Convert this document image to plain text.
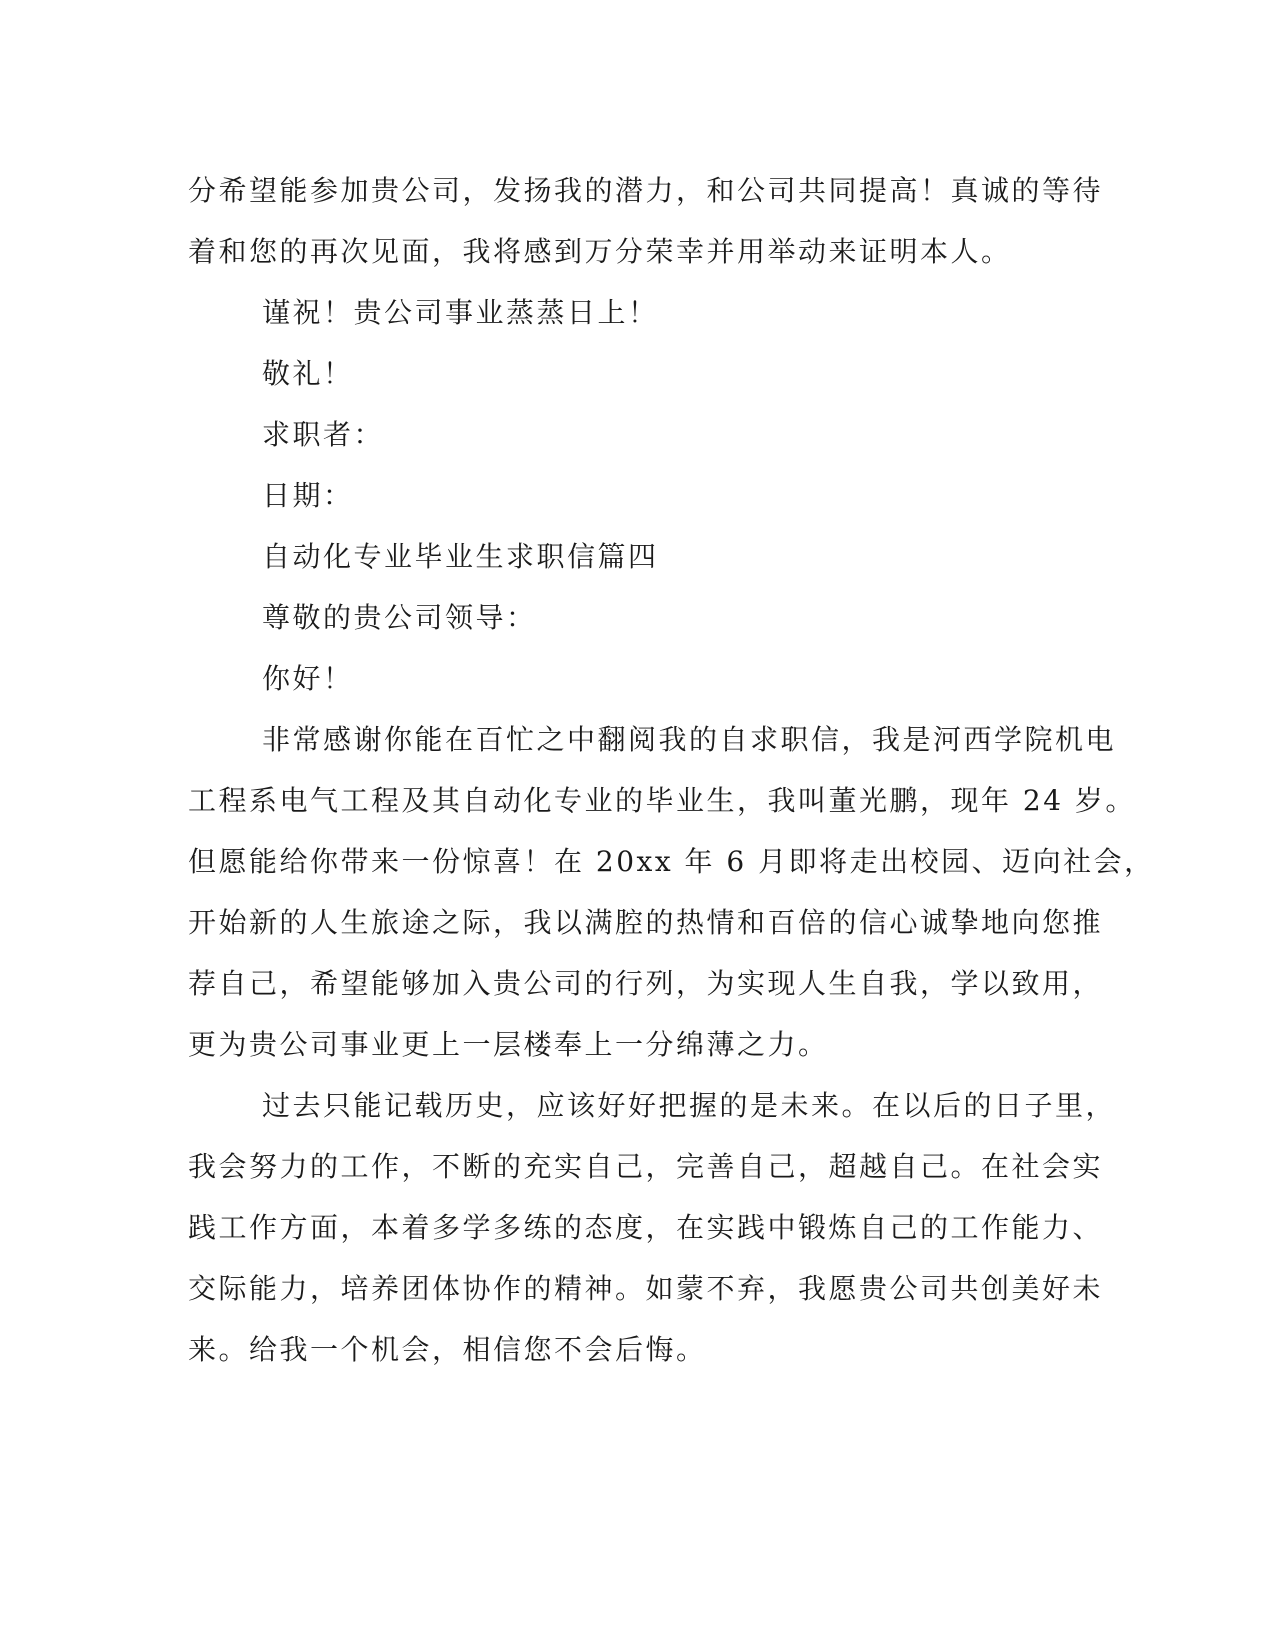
分希望能参加贵公司，发扬我的潜力，和公司共同提高！真诚的等待
着和您的再次见面，我将感到万分荣幸并用举动来证明本人。
谨祝！贵公司事业蒸蒸日上！
敬礼！
求职者：
日期：
自动化专业毕业生求职信篇四
尊敬的贵公司领导：
你好！
非常感谢你能在百忙之中翻阅我的自求职信，我是河西学院机电
工程系电气工程及其自动化专业的毕业生，我叫董光鹏，现年 24 岁。
但愿能给你带来一份惊喜！在 20xx 年 6 月即将走出校园、迈向社会，
开始新的人生旅途之际，我以满腔的热情和百倍的信心诚挚地向您推
荐自己，希望能够加入贵公司的行列，为实现人生自我，学以致用，
更为贵公司事业更上一层楼奉上一分绵薄之力。
过去只能记载历史，应该好好把握的是未来。在以后的日子里，
我会努力的工作，不断的充实自己，完善自己，超越自己。在社会实
践工作方面，本着多学多练的态度，在实践中锻炼自己的工作能力、
交际能力，培养团体协作的精神。如蒙不弃，我愿贵公司共创美好未
来。给我一个机会，相信您不会后悔。
